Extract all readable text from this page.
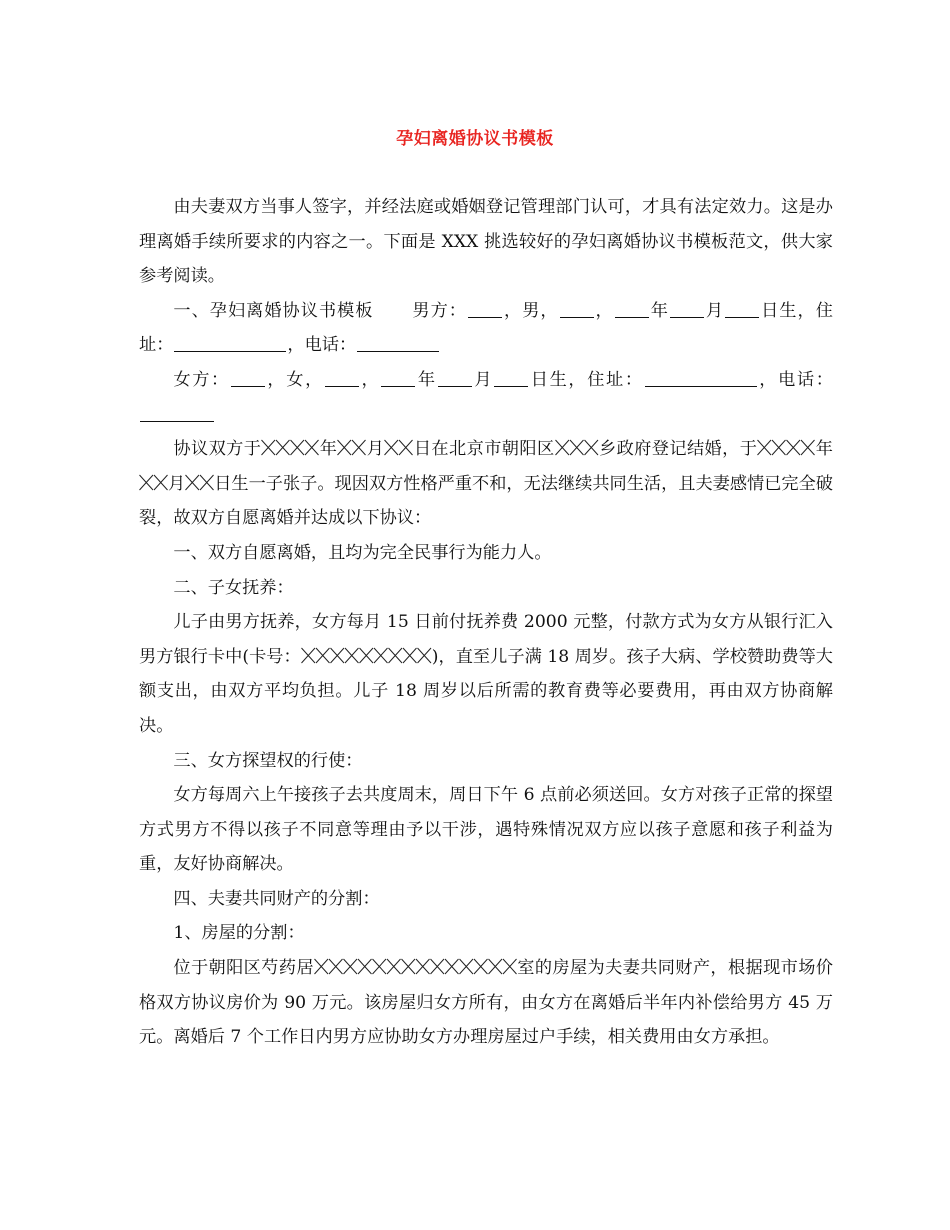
孕妇离婚协议书模板

由夫妻双方当事人签字，并经法庭或婚姻登记管理部门认可，才具有法定效力。这是办理离婚手续所要求的内容之一。下面是 XXX 挑选较好的孕妇离婚协议书模板范文，供大家参考阅读。

一、孕妇离婚协议书模板 男方： ，男， ， 年 月 日生，住址：	，电话：

女方： ，女， ， 年 月 日生，住址：	，电话：

协议双方于	年 月 日在北京市朝阳区	乡政府登记结婚，于	年
月 日生一子张子。现因双方性格严重不和，无法继续共同生活，且夫妻感情已完全破裂，故双方自愿离婚并达成以下协议：

一、双方自愿离婚，且均为完全民事行为能力人。

二、子女抚养：

儿子由男方抚养，女方每月 15 日前付抚养费 2000 元整，付款方式为女方从银行汇入男方银行卡中(卡号：	)，直至儿子满 18 周岁。孩子大病、学校赞助费等大额支出，由双方平均负担。儿子 18 周岁以后所需的教育费等必要费用，再由双方协商解决。

三、女方探望权的行使：

女方每周六上午接孩子去共度周末，周日下午 6 点前必须送回。女方对孩子正常的探望方式男方不得以孩子不同意等理由予以干涉，遇特殊情况双方应以孩子意愿和孩子利益为重，友好协商解决。

四、夫妻共同财产的分割：

1、房屋的分割：

位于朝阳区芍药居	室的房屋为夫妻共同财产，根据现市场价格双方协议房价为 90 万元。该房屋归女方所有，由女方在离婚后半年内补偿给男方 45 万元。离婚后 7 个工作日内男方应协助女方办理房屋过户手续，相关费用由女方承担。
